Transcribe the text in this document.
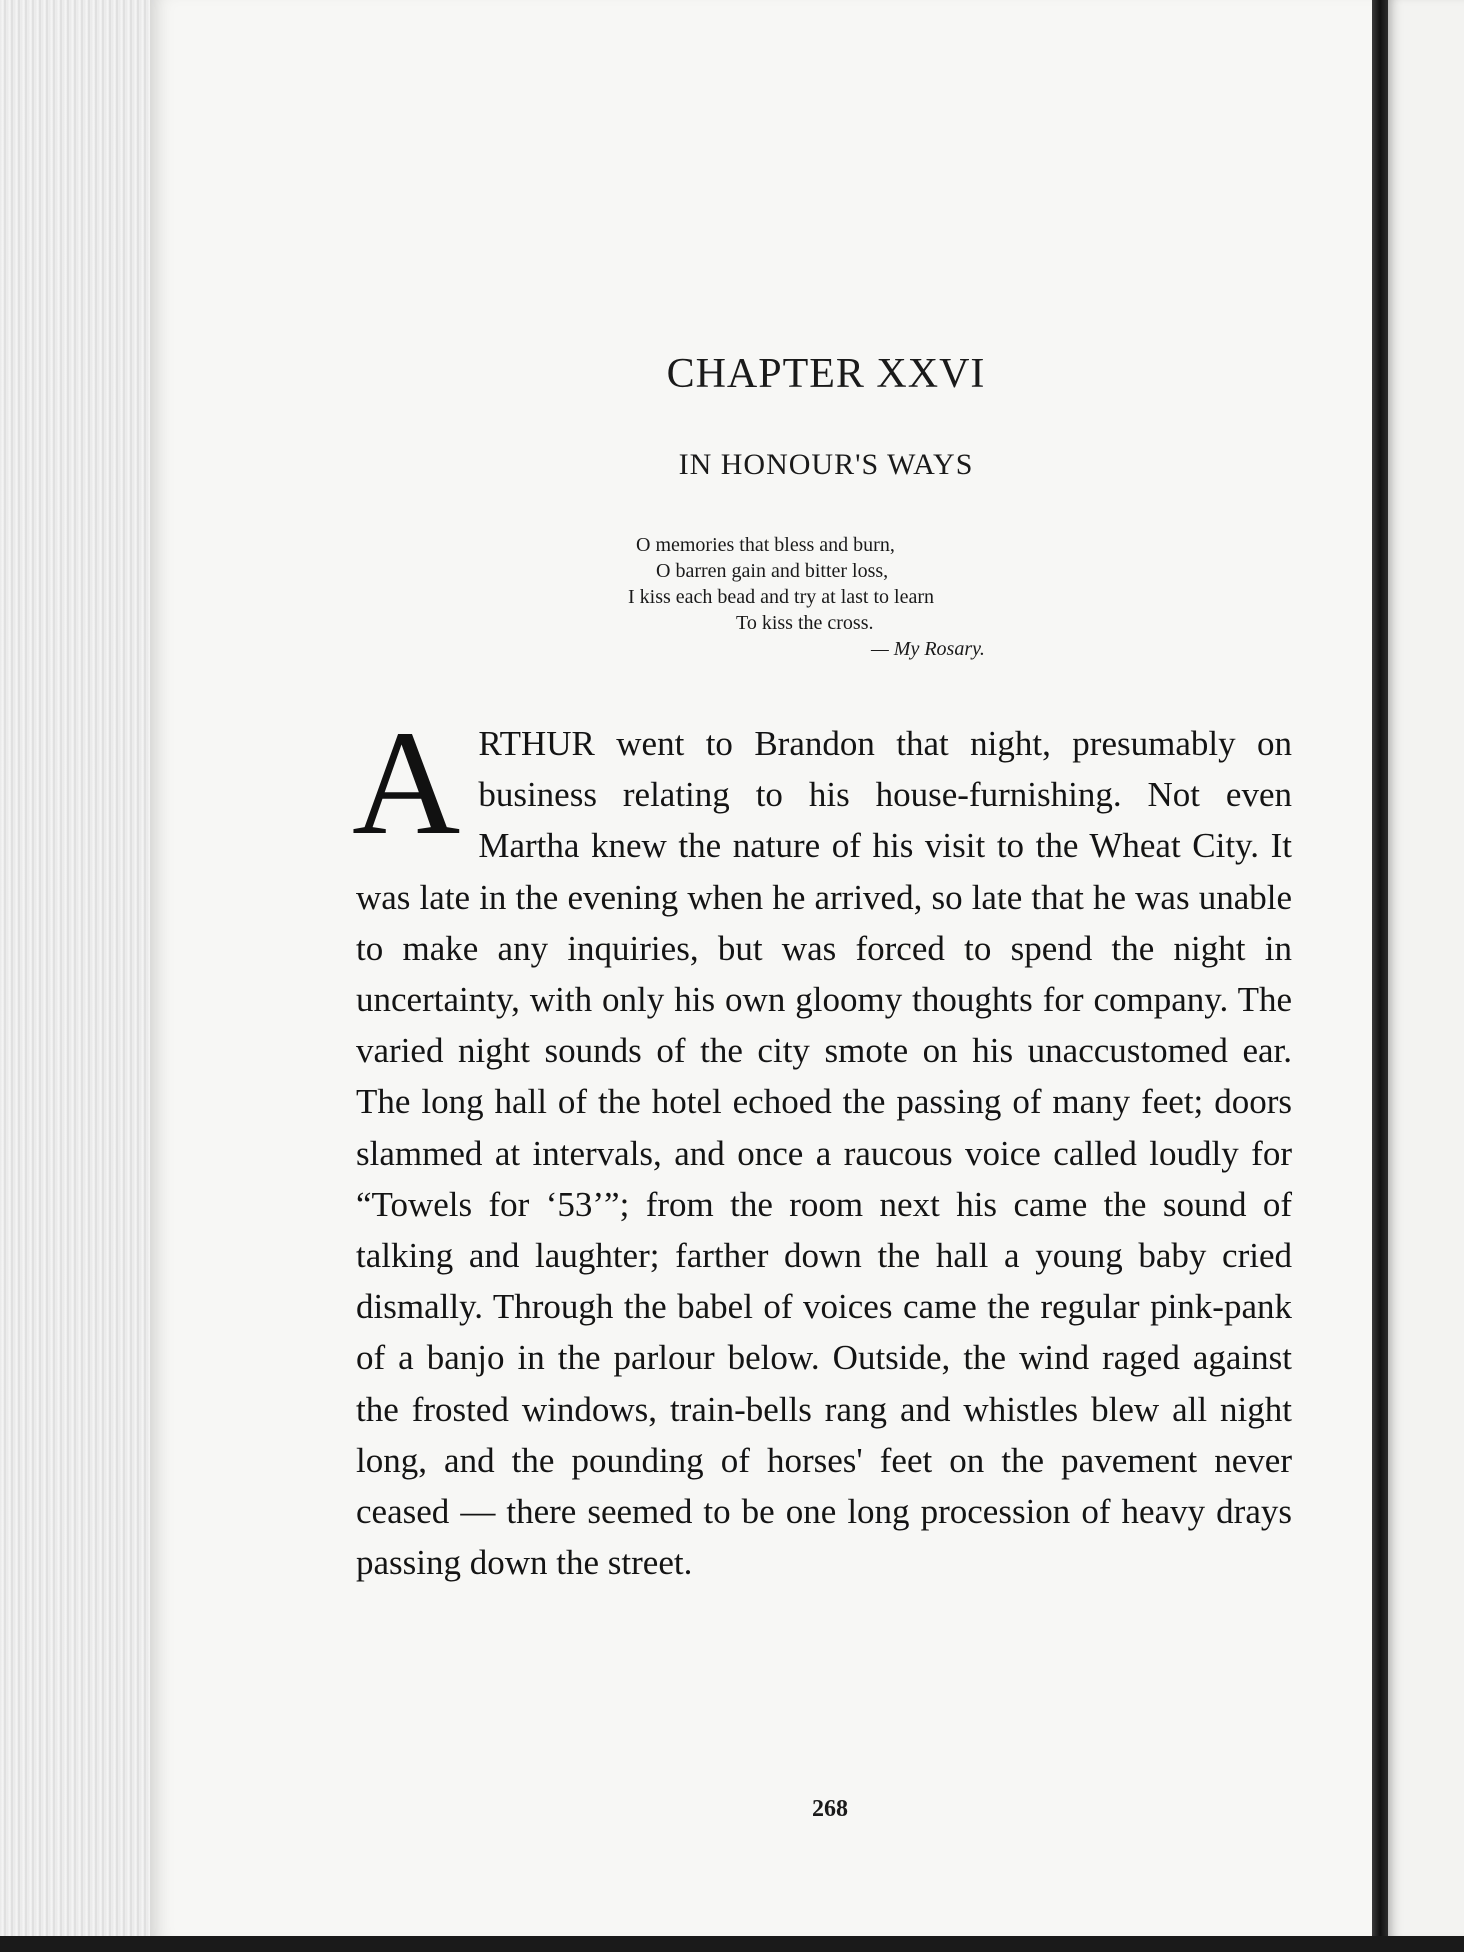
CHAPTER XXVI
IN HONOUR'S WAYS
O memories that bless and burn,
O barren gain and bitter loss,
I kiss each bead and try at last to learn
To kiss the cross.
— My Rosary.
ARTHUR went to Brandon that night, presumably on business relating to his house-furnishing. Not even Martha knew the nature of his visit to the Wheat City. It was late in the evening when he arrived, so late that he was unable to make any inquiries, but was forced to spend the night in uncertainty, with only his own gloomy thoughts for company. The varied night sounds of the city smote on his unaccustomed ear. The long hall of the hotel echoed the passing of many feet; doors slammed at intervals, and once a raucous voice called loudly for “Towels for ‘53’”; from the room next his came the sound of talking and laughter; farther down the hall a young baby cried dismally. Through the babel of voices came the regular pink-pank of a banjo in the parlour below. Outside, the wind raged against the frosted windows, train-bells rang and whistles blew all night long, and the pounding of horses' feet on the pavement never ceased — there seemed to be one long procession of heavy drays passing down the street.
268
